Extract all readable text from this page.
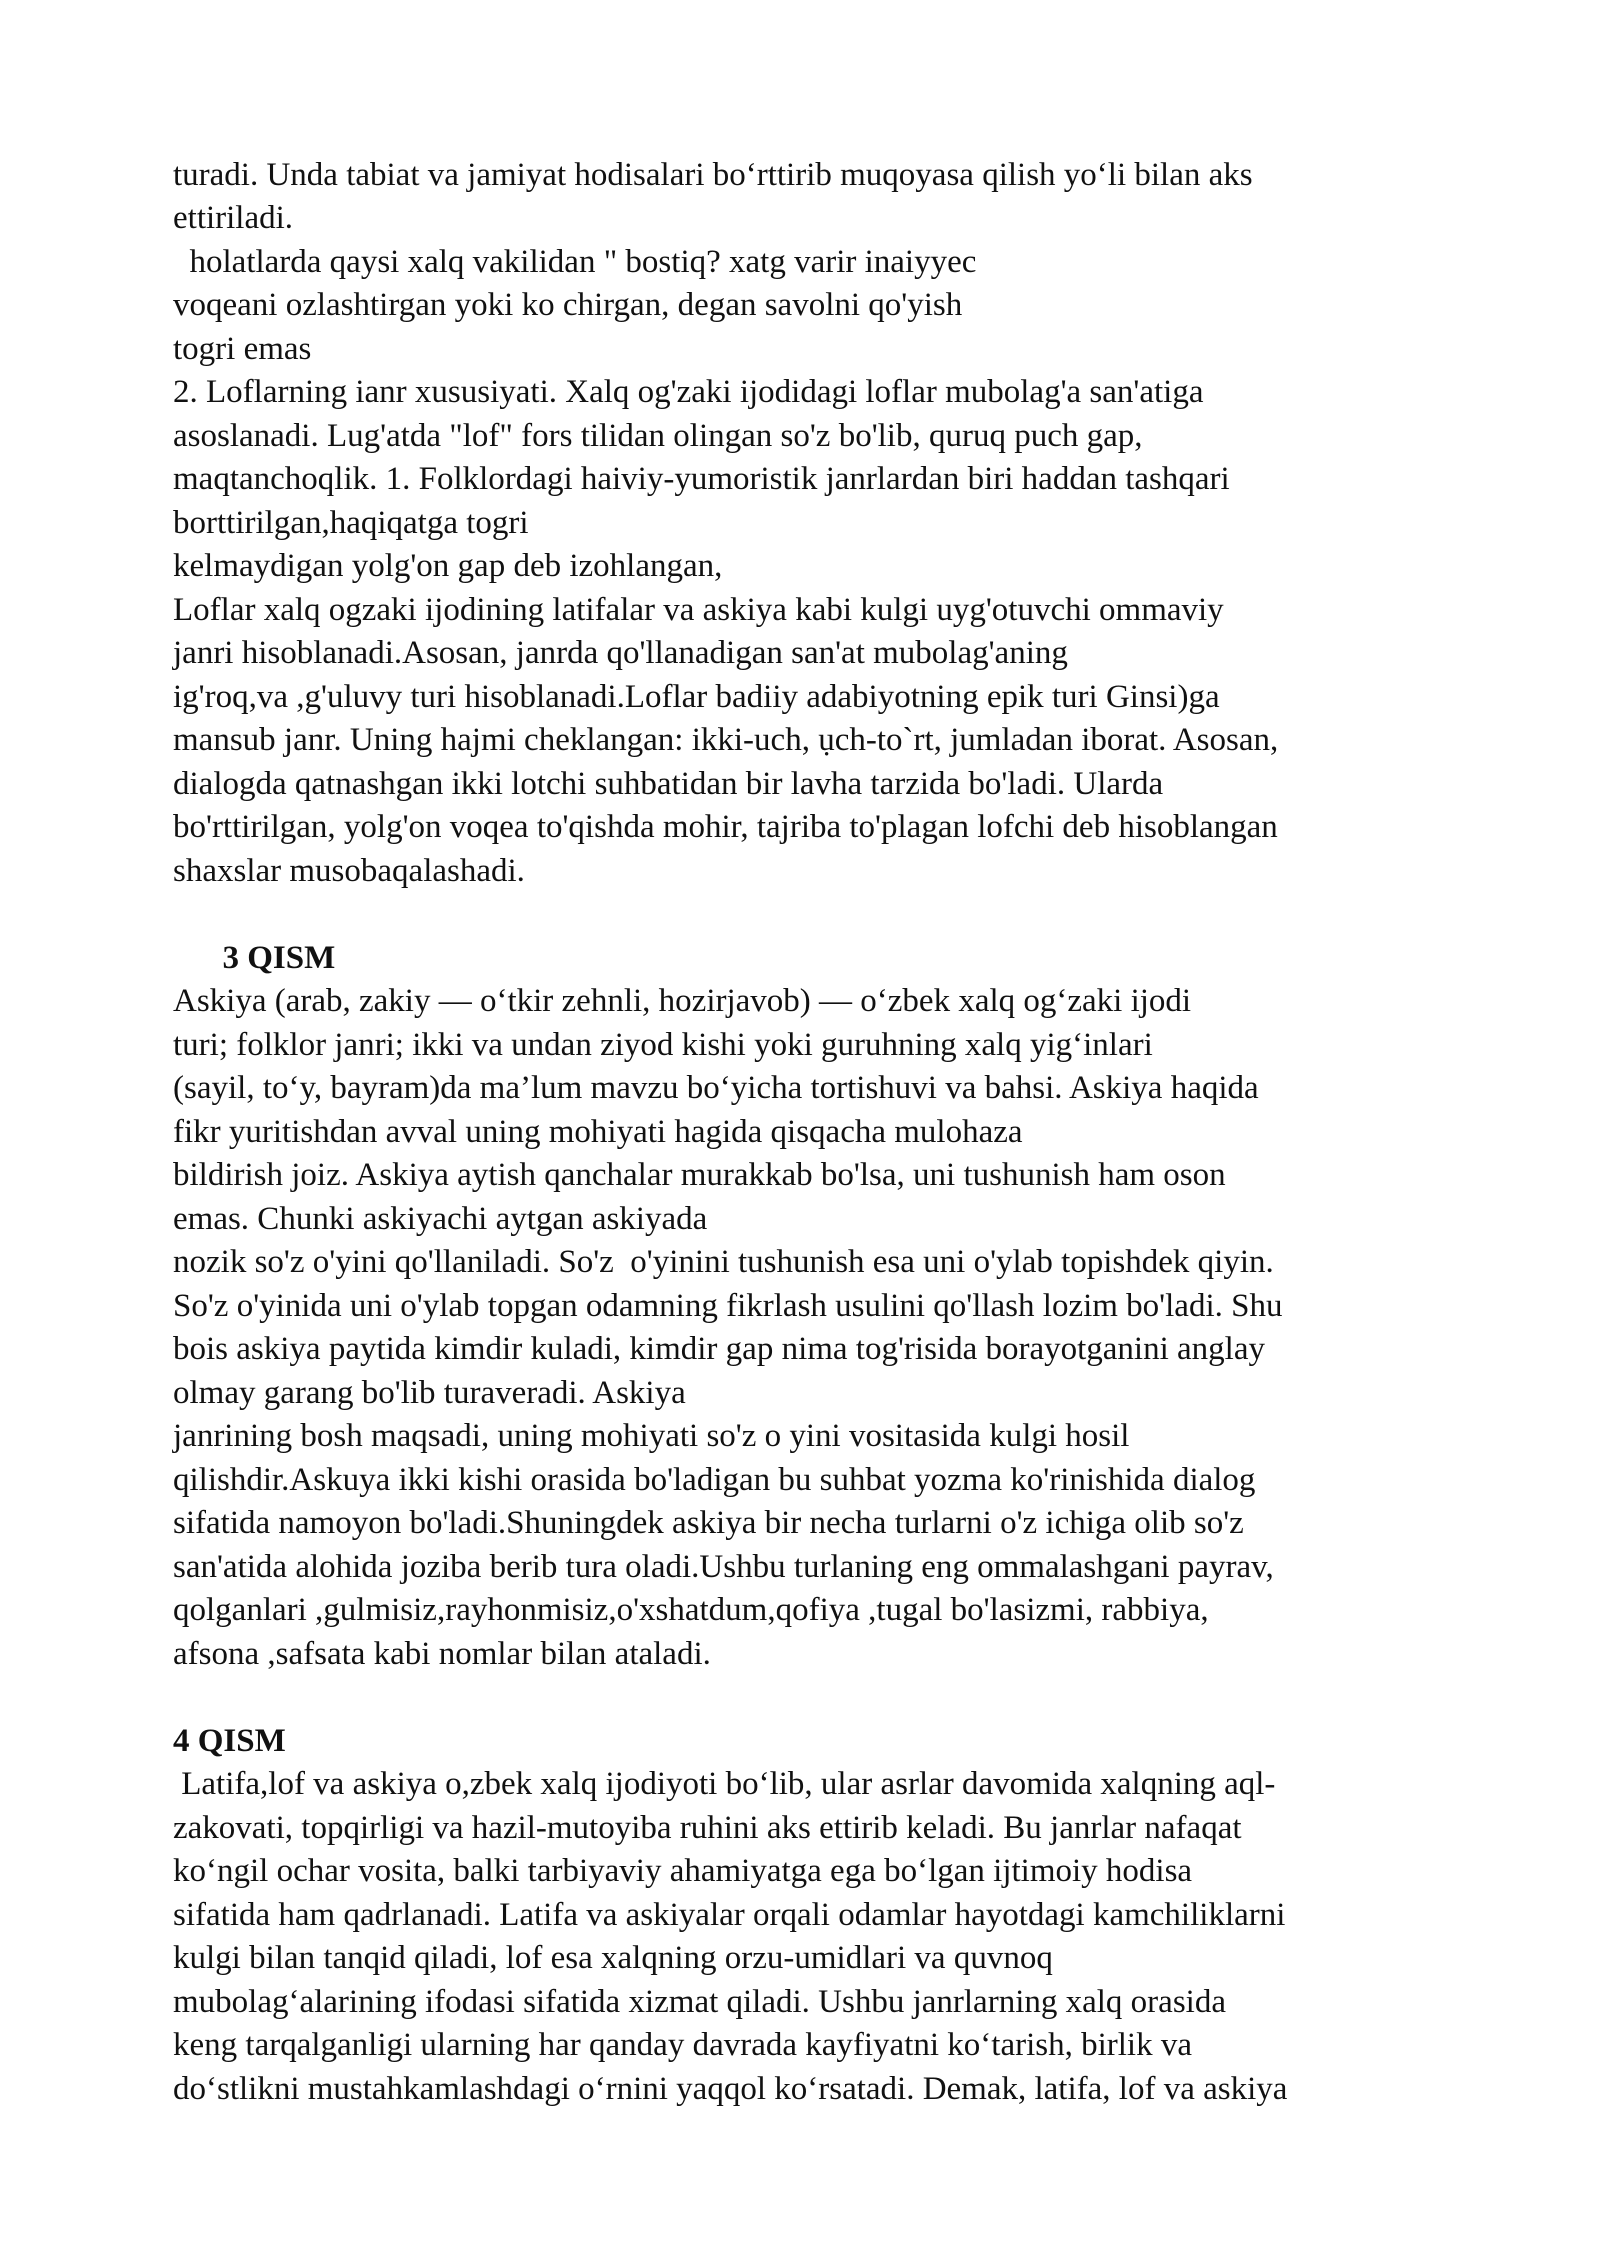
turadi. Unda tabiat va jamiyat hodisalari bo‘rttirib muqoyasa qilish yo‘li bilan aks
ettiriladi.
holatlarda qaysi xalq vakilidan " bostiq? xatg varir inaiyyec
voqeani ozlashtirgan yoki ko chirgan, degan savolni qo'yish
togri emas
2. Loflarning ianr xususiyati. Xalq og'zaki ijodidagi loflar mubolag'a san'atiga
asoslanadi. Lug'atda "lof" fors tilidan olingan so'z bo'lib, quruq puch gap,
maqtanchoqlik. 1. Folklordagi haiviy-yumoristik janrlardan biri haddan tashqari
borttirilgan,haqiqatga togri
kelmaydigan yolg'on gap deb izohlangan,
Loflar xalq ogzaki ijodining latifalar va askiya kabi kulgi uyg'otuvchi ommaviy
janri hisoblanadi.Asosan, janrda qo'llanadigan san'at mubolag'aning
ig'roq,va ,g'uluvy turi hisoblanadi.Loflar badiiy adabiyotning epik turi Ginsi)ga
mansub janr. Uning hajmi cheklangan: ikki-uch, ụch-to`rt, jumladan iborat. Asosan,
dialogda qatnashgan ikki lotchi suhbatidan bir lavha tarzida bo'ladi. Ularda
bo'rttirilgan, yolg'on voqea to'qishda mohir, tajriba to'plagan lofchi deb hisoblangan
shaxslar musobaqalashadi.
3 QISM
Askiya (arab, zakiy — o‘tkir zehnli, hozirjavob) — o‘zbek xalq og‘zaki ijodi
turi; folklor janri; ikki va undan ziyod kishi yoki guruhning xalq yig‘inlari
(sayil, to‘y, bayram)da ma’lum mavzu bo‘yicha tortishuvi va bahsi. Askiya haqida
fikr yuritishdan avval uning mohiyati hagida qisqacha mulohaza
bildirish joiz. Askiya aytish qanchalar murakkab bo'lsa, uni tushunish ham oson
emas. Chunki askiyachi aytgan askiyada
nozik so'z o'yini qo'llaniladi. So'z  o'yinini tushunish esa uni o'ylab topishdek qiyin.
So'z o'yinida uni o'ylab topgan odamning fikrlash usulini qo'llash lozim bo'ladi. Shu
bois askiya paytida kimdir kuladi, kimdir gap nima tog'risida borayotganini anglay
olmay garang bo'lib turaveradi. Askiya
janrining bosh maqsadi, uning mohiyati so'z o yini vositasida kulgi hosil
qilishdir.Askuya ikki kishi orasida bo'ladigan bu suhbat yozma ko'rinishida dialog
sifatida namoyon bo'ladi.Shuningdek askiya bir necha turlarni o'z ichiga olib so'z
san'atida alohida joziba berib tura oladi.Ushbu turlaning eng ommalashgani payrav,
qolganlari ,gulmisiz,rayhonmisiz,o'xshatdum,qofiya ,tugal bo'lasizmi, rabbiya,
afsona ,safsata kabi nomlar bilan ataladi.
4 QISM
Latifa,lof va askiya o,zbek xalq ijodiyoti bo‘lib, ular asrlar davomida xalqning aql-
zakovati, topqirligi va hazil-mutoyiba ruhini aks ettirib keladi. Bu janrlar nafaqat
ko‘ngil ochar vosita, balki tarbiyaviy ahamiyatga ega bo‘lgan ijtimoiy hodisa
sifatida ham qadrlanadi. Latifa va askiyalar orqali odamlar hayotdagi kamchiliklarni
kulgi bilan tanqid qiladi, lof esa xalqning orzu-umidlari va quvnoq
mubolag‘alarining ifodasi sifatida xizmat qiladi. Ushbu janrlarning xalq orasida
keng tarqalganligi ularning har qanday davrada kayfiyatni ko‘tarish, birlik va
do‘stlikni mustahkamlashdagi o‘rnini yaqqol ko‘rsatadi. Demak, latifa, lof va askiya
